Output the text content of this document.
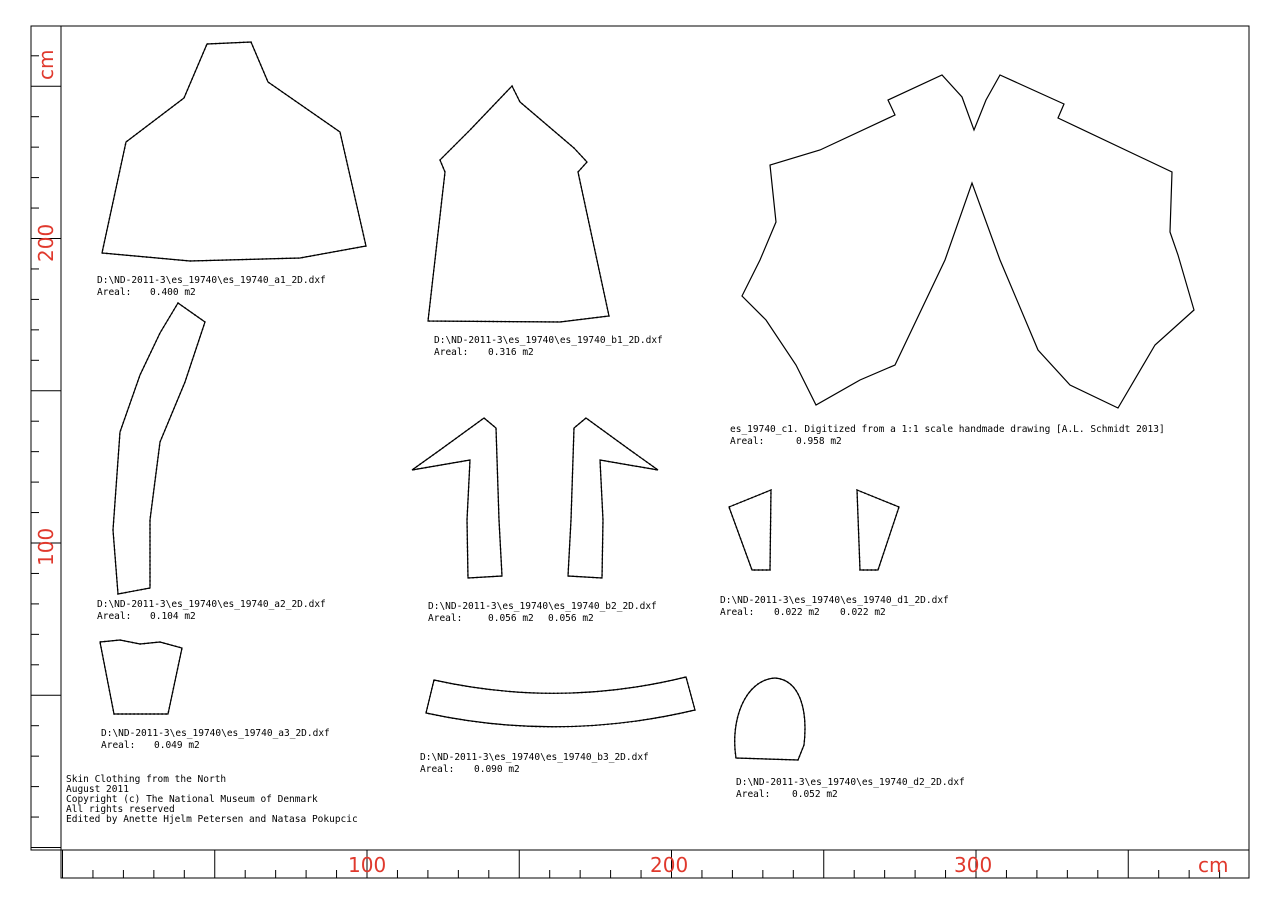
cm
200
100
100	200	300	cm
D:\ND-2011-3\es_19740\es_19740_a1_2D.dxf
Areal: 0.400 m2
D:\ND-2011-3\es_19740\es_19740_b1_2D.dxf
Areal: 0.316 m2
es_19740_c1. Digitized from a 1:1 scale handmade drawing [A.L. Schmidt 2013]
Areal:	0.958 m2
D:\ND-2011-3\es_19740\es_19740_a2_2D.dxf
Areal: 0.104 m2
D:\ND-2011-3\es_19740\es_19740_b2_2D.dxf
Areal:	0.056 m2 0.056 m2
D:\ND-2011-3\es_19740\es_19740_d1_2D.dxf
Areal: 0.022 m2 0.022 m2
D:\ND-2011-3\es_19740\es_19740_a3_2D.dxf
Areal: 0.049 m2
D:\ND-2011-3\es_19740\es_19740_b3_2D.dxf
Areal: 0.090 m2
D:\ND-2011-3\es_19740\es_19740_d2_2D.dxf
Areal: 0.052 m2
Skin Clothing from the North
August 2011
Copyright (c) The National Museum of Denmark
All rights reserved
Edited by Anette Hjelm Petersen and Natasa Pokupcic
